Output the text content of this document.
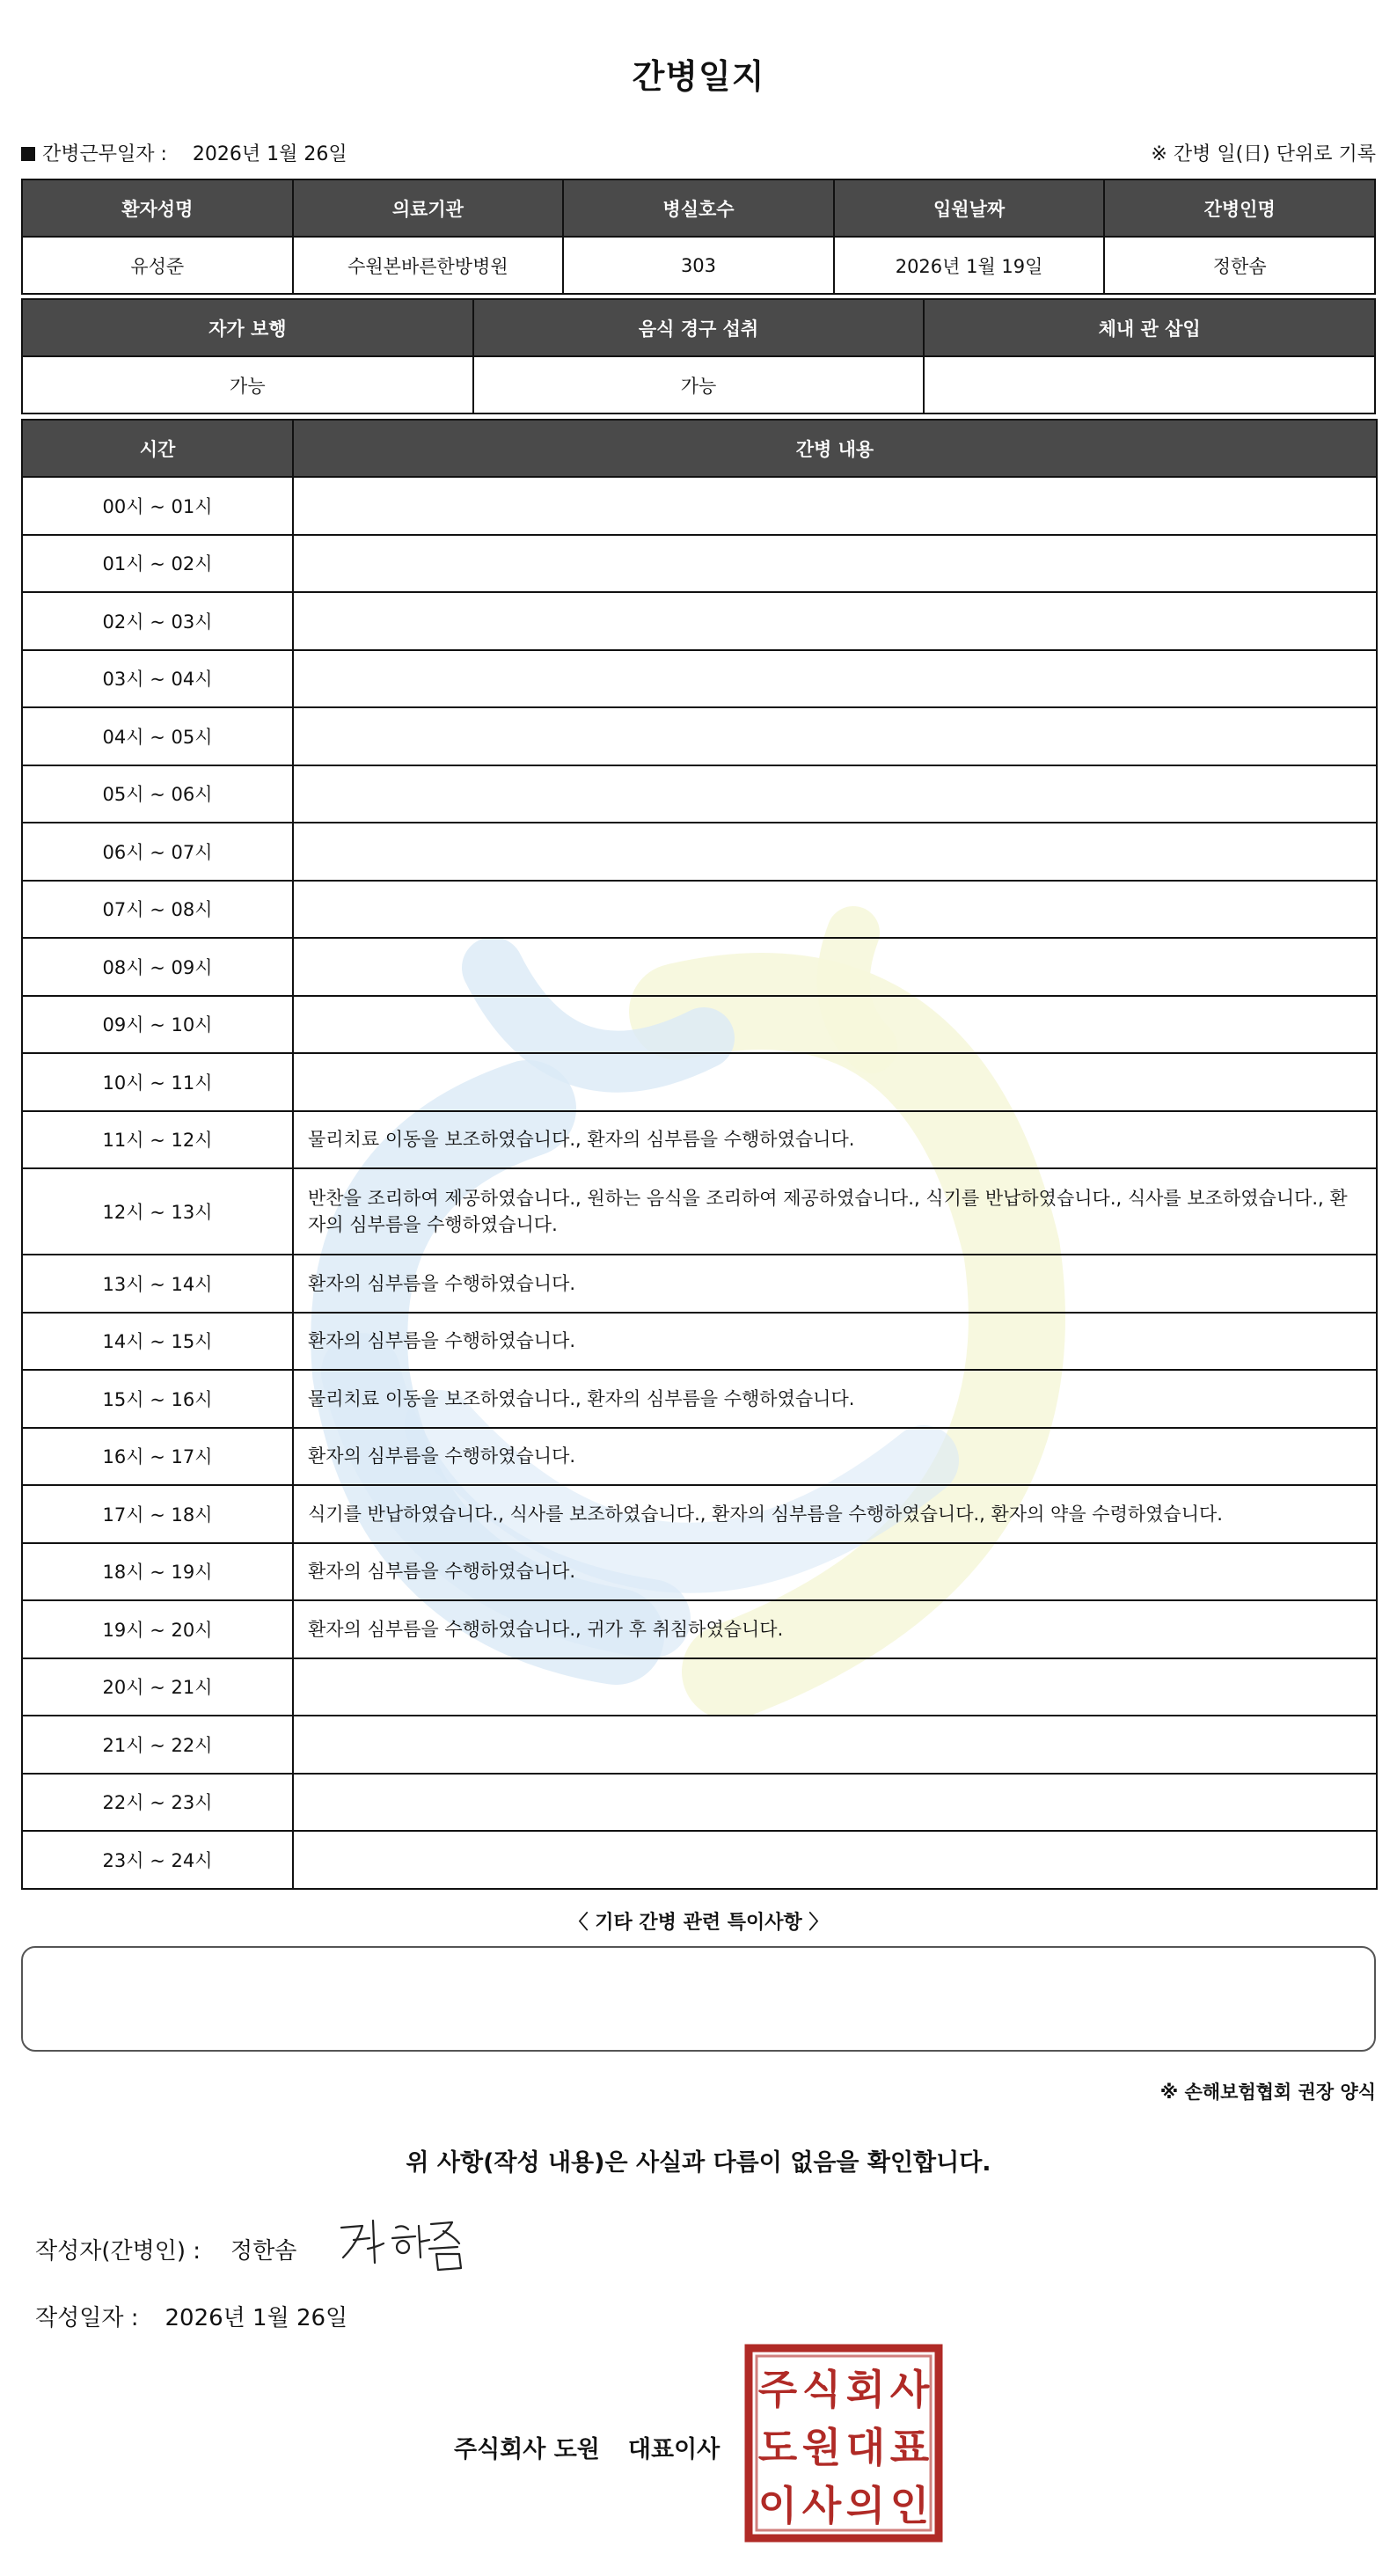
간병일지
간병근무일자 : 2026년 1월 26일	※ 간병 일(日) 단위로 기록
환자성명	의료기관	병실호수	입원날짜	간병인명
유성준	수원본바른한방병원	303	2026년 1월 19일	정한솜
자가 보행	음식 경구 섭취	체내 관 삽입
가능	가능	
시간	간병 내용
00시 ~ 01시	
01시 ~ 02시	
02시 ~ 03시	
03시 ~ 04시	
04시 ~ 05시	
05시 ~ 06시	
06시 ~ 07시	
07시 ~ 08시	
08시 ~ 09시	
09시 ~ 10시	
10시 ~ 11시	
11시 ~ 12시	물리치료 이동을 보조하였습니다., 환자의 심부름을 수행하였습니다.
12시 ~ 13시	반찬을 조리하여 제공하였습니다., 원하는 음식을 조리하여 제공하였습니다., 식기를 반납하였습니다., 식사를 보조하였습니다., 환자의 심부름을 수행하였습니다.
13시 ~ 14시	환자의 심부름을 수행하였습니다.
14시 ~ 15시	환자의 심부름을 수행하였습니다.
15시 ~ 16시	물리치료 이동을 보조하였습니다., 환자의 심부름을 수행하였습니다.
16시 ~ 17시	환자의 심부름을 수행하였습니다.
17시 ~ 18시	식기를 반납하였습니다., 식사를 보조하였습니다., 환자의 심부름을 수행하였습니다., 환자의 약을 수령하였습니다.
18시 ~ 19시	환자의 심부름을 수행하였습니다.
19시 ~ 20시	환자의 심부름을 수행하였습니다., 귀가 후 취침하였습니다.
20시 ~ 21시	
21시 ~ 22시	
22시 ~ 23시	
23시 ~ 24시	
〈 기타 간병 관련 특이사항 〉
※ 손해보험협회 권장 양식
위 사항(작성 내용)은 사실과 다름이 없음을 확인합니다.
작성자(간병인) : 정한솜
작성일자 : 2026년 1월 26일
주식회사 도원 대표이사
주 식 회 사
도 원 대 표
이 사 의 인
